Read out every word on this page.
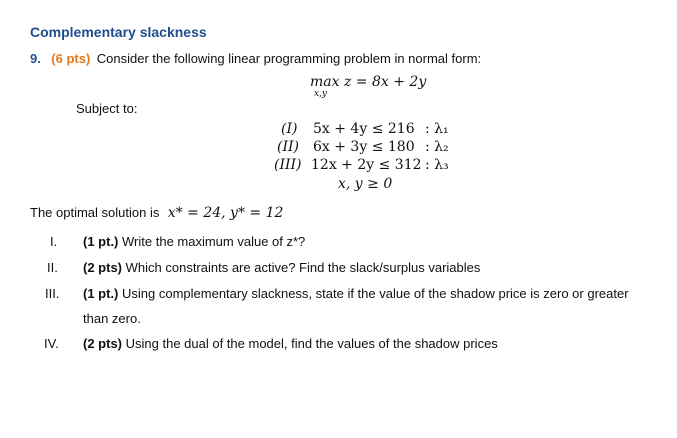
Complementary slackness
9. (6 pts) Consider the following linear programming problem in normal form:
max z = 8x + 2y
x,y
Subject to:
(I) 5x + 4y ≤ 216 : λ₁
(II) 6x + 3y ≤ 180 : λ₂
(III) 12x + 2y ≤ 312 : λ₃
x, y ≥ 0
The optimal solution is x* = 24, y* = 12
I. (1 pt.) Write the maximum value of z*?
II. (2 pts) Which constraints are active? Find the slack/surplus variables
III. (1 pt.) Using complementary slackness, state if the value of the shadow price is zero or greater
than zero.
IV. (2 pts) Using the dual of the model, find the values of the shadow prices
